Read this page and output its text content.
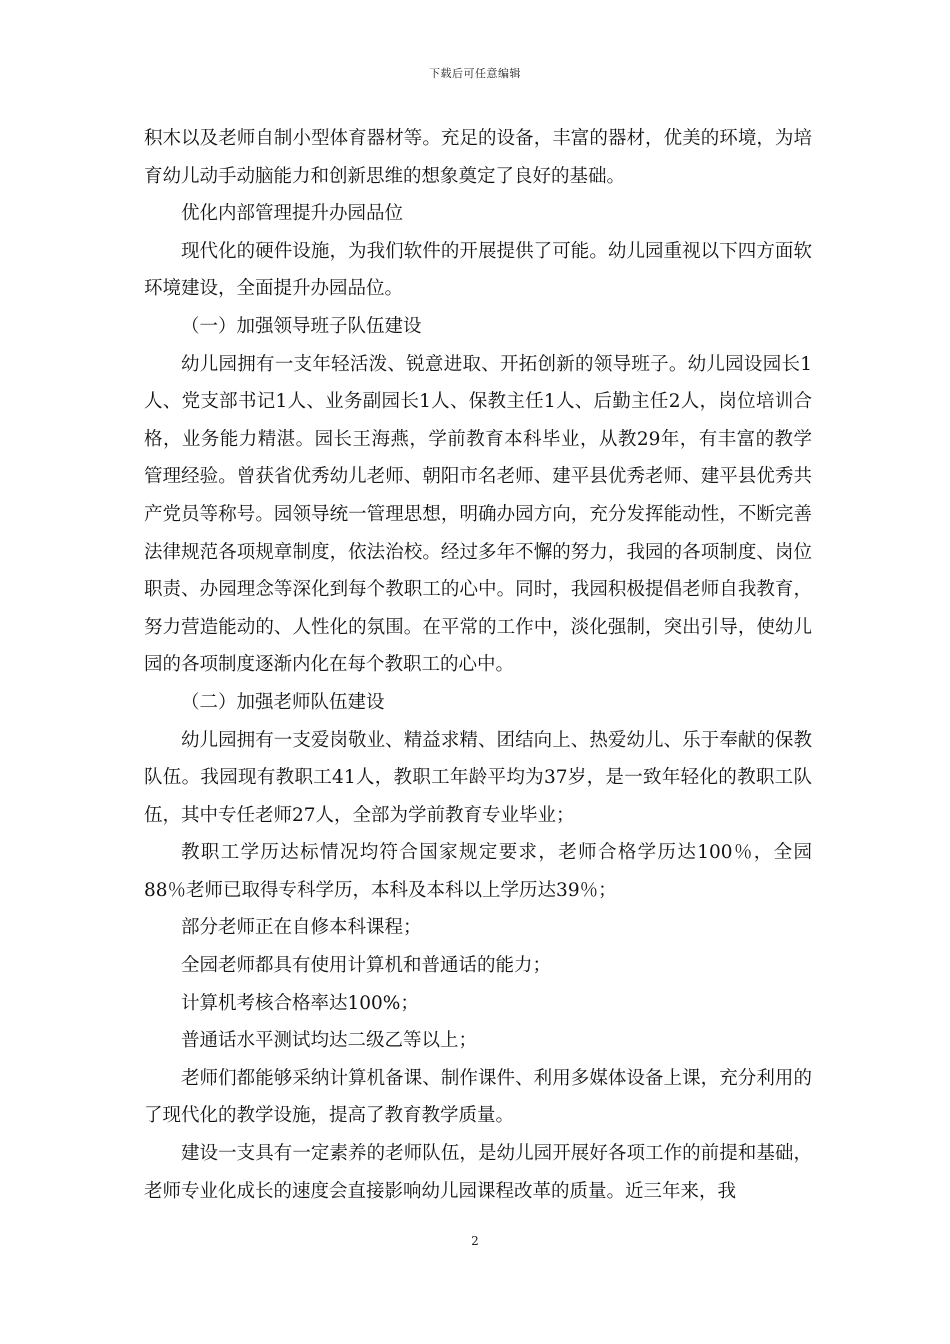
下载后可任意编辑

积木以及老师自制小型体育器材等。充足的设备，丰富的器材，优美的环境，为培育幼儿动手动脑能力和创新思维的想象奠定了良好的基础。

优化内部管理提升办园品位

现代化的硬件设施，为我们软件的开展提供了可能。幼儿园重视以下四方面软环境建设，全面提升办园品位。

（一）加强领导班子队伍建设

幼儿园拥有一支年轻活泼、锐意进取、开拓创新的领导班子。幼儿园设园长1人、党支部书记1人、业务副园长1人、保教主任1人、后勤主任2人，岗位培训合格，业务能力精湛。园长王海燕，学前教育本科毕业，从教29年，有丰富的教学管理经验。曾获省优秀幼儿老师、朝阳市名老师、建平县优秀老师、建平县优秀共产党员等称号。园领导统一管理思想，明确办园方向，充分发挥能动性，不断完善法律规范各项规章制度，依法治校。经过多年不懈的努力，我园的各项制度、岗位职责、办园理念等深化到每个教职工的心中。同时，我园积极提倡老师自我教育，努力营造能动的、人性化的氛围。在平常的工作中，淡化强制，突出引导，使幼儿园的各项制度逐渐内化在每个教职工的心中。

（二）加强老师队伍建设

幼儿园拥有一支爱岗敬业、精益求精、团结向上、热爱幼儿、乐于奉献的保教队伍。我园现有教职工41人，教职工年龄平均为37岁，是一致年轻化的教职工队伍，其中专任老师27人，全部为学前教育专业毕业；

教职工学历达标情况均符合国家规定要求，老师合格学历达100％，全园88％老师已取得专科学历，本科及本科以上学历达39％；

部分老师正在自修本科课程；

全园老师都具有使用计算机和普通话的能力；

计算机考核合格率达100%；

普通话水平测试均达二级乙等以上；

老师们都能够采纳计算机备课、制作课件、利用多媒体设备上课，充分利用的了现代化的教学设施，提高了教育教学质量。

建设一支具有一定素养的老师队伍，是幼儿园开展好各项工作的前提和基础，老师专业化成长的速度会直接影响幼儿园课程改革的质量。近三年来，我

2
